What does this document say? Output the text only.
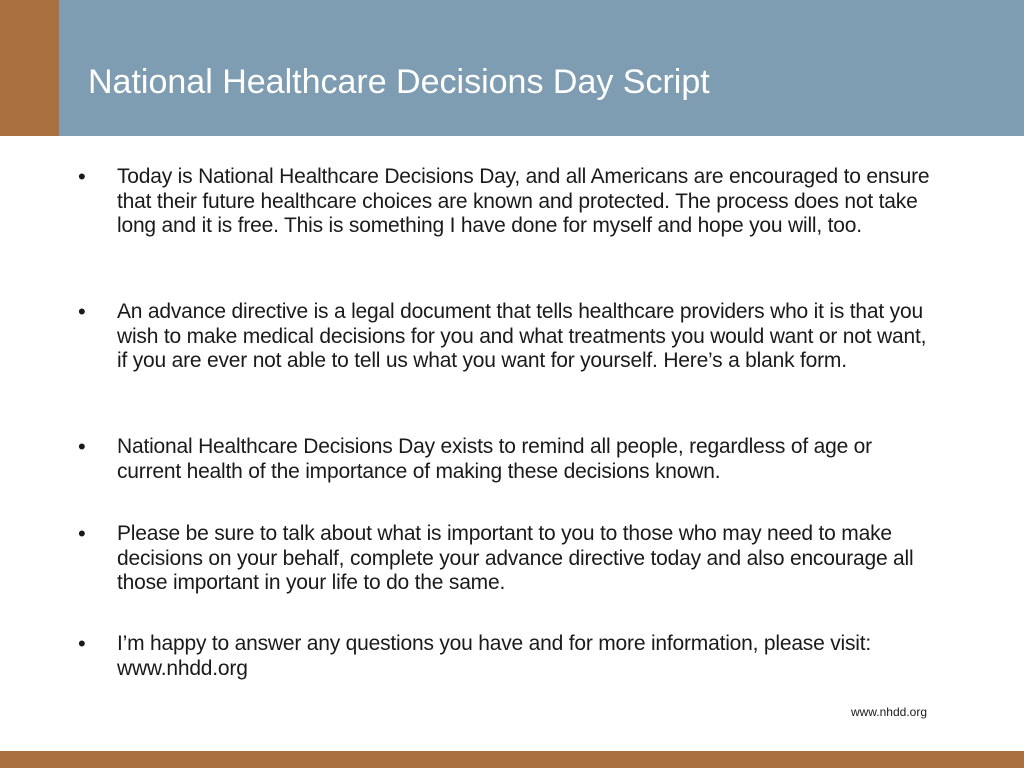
National Healthcare Decisions Day Script
•	Today is National Healthcare Decisions Day, and all Americans are encouraged to ensure that their future healthcare choices are known and protected. The process does not take long and it is free. This is something I have done for myself and hope you will, too.

•	An advance directive is a legal document that tells healthcare providers who it is that you wish to make medical decisions for you and what treatments you would want or not want, if you are ever not able to tell us what you want for yourself. Here’s a blank form.

•	National Healthcare Decisions Day exists to remind all people, regardless of age or current health of the importance of making these decisions known.

•	Please be sure to talk about what is important to you to those who may need to make decisions on your behalf, complete your advance directive today and also encourage all those important in your life to do the same.

•	I’m happy to answer any questions you have and for more information, please visit: www.nhdd.org

www.nhdd.org
